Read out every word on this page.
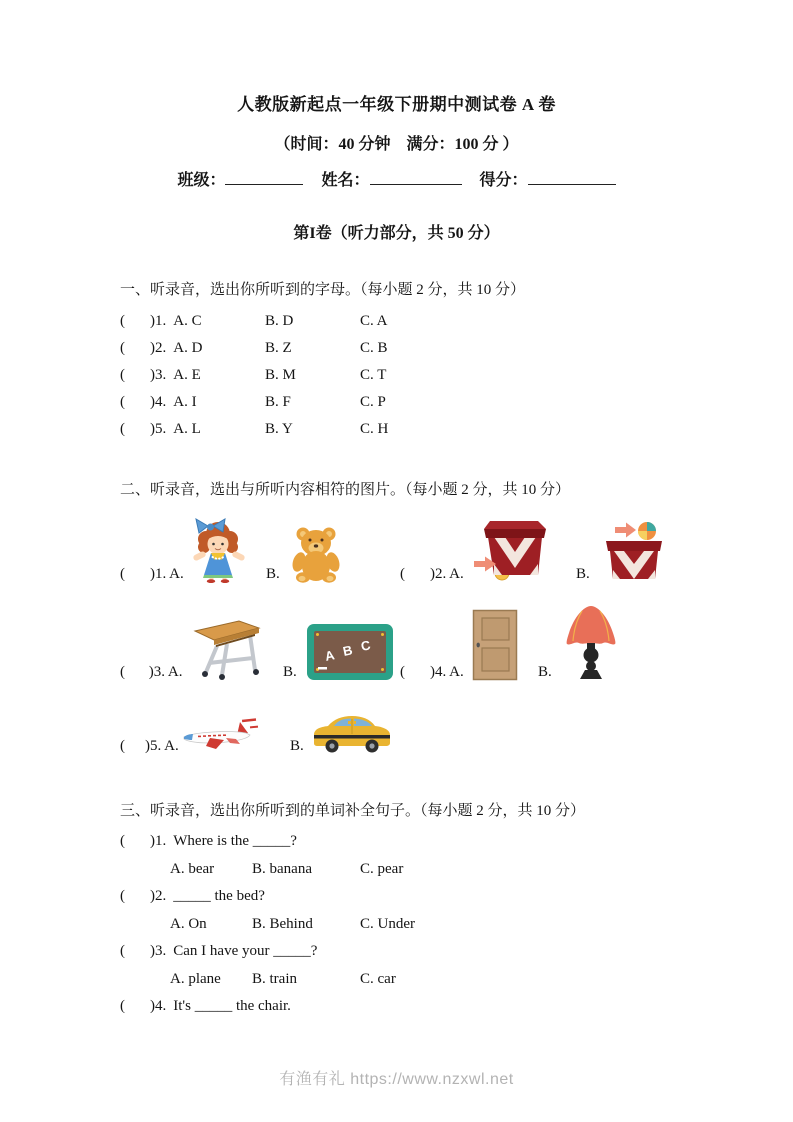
人教版新起点一年级下册期中测试卷 A 卷
（时间：40 分钟　满分：100 分 ）
班级：	姓名：	得分：
第I卷（听力部分，共 50 分）
一、听录音，选出你所听到的字母。（每小题 2 分，共 10 分）
(	)1. A. C	B. D	C. A
(	)2. A. D	B. Z	C. B
(	)3. A. E	B. M	C. T
(	)4. A. I	B. F	C. P
(	)5. A. L	B. Y	C. H
二、听录音，选出与所听内容相符的图片。（每小题 2 分，共 10 分）
(	)1. A.	B.	(	)2. A.	B.
(	)3. A.	B.
A B C
(	)4. A.	B.
(	)5. A.	B.
三、听录音，选出你所听到的单词补全句子。（每小题 2 分，共 10 分）
(	)1. Where is the _____?
A. bear	B. banana	C. pear
(	)2. _____ the bed?
A. On	B. Behind	C. Under
(	)3. Can I have your _____?
A. plane	B. train	C. car
(	)4. It's _____ the chair.
有渔有礼 https://www.nzxwl.net
